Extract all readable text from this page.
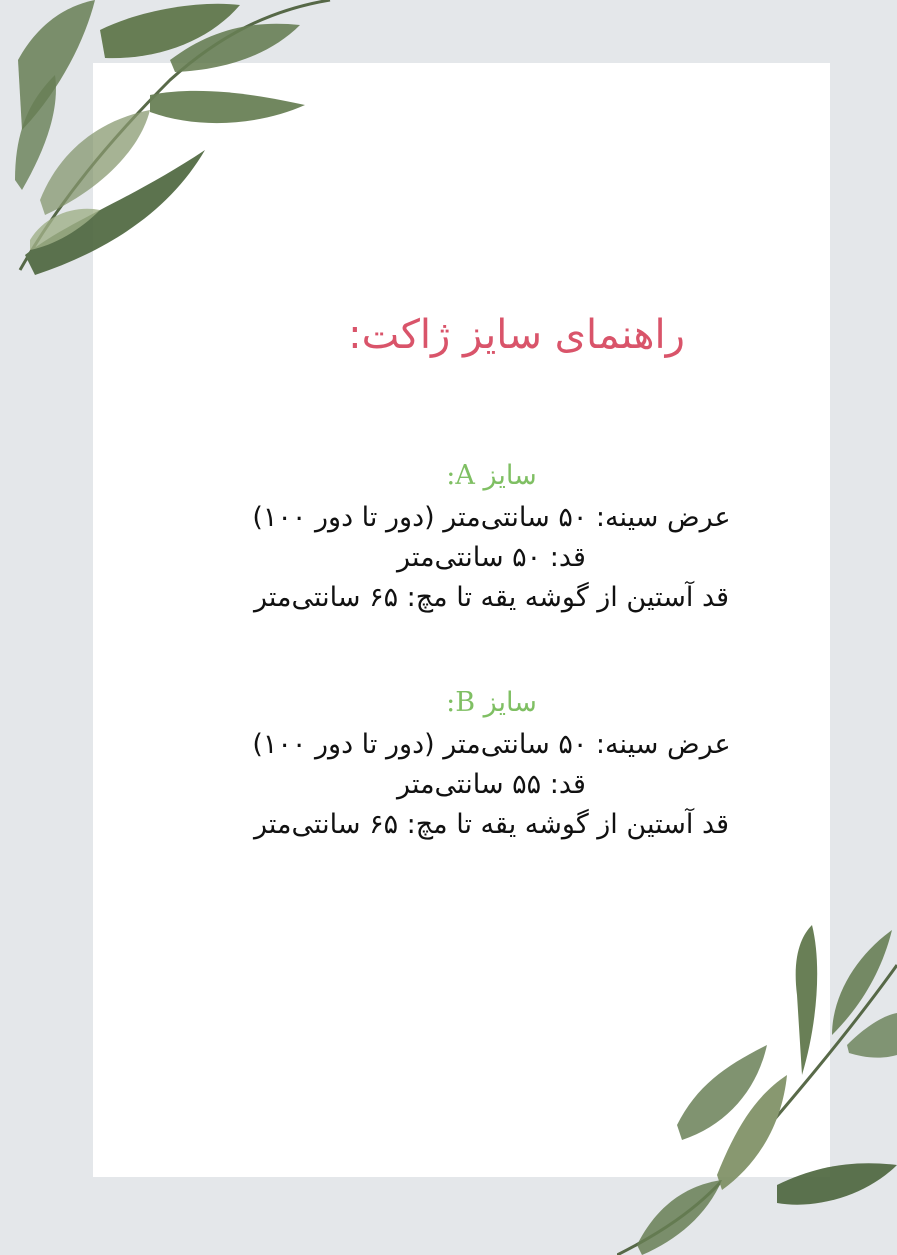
راهنمای سایز ژاکت:
سایز A:
عرض سینه: ۵۰ سانتی‌متر (دور تا دور ۱۰۰)
قد: ۵۰ سانتی‌متر
قد آستین از گوشه یقه تا مچ: ۶۵ سانتی‌متر
سایز B:
عرض سینه: ۵۰ سانتی‌متر (دور تا دور ۱۰۰)
قد: ۵۵ سانتی‌متر
قد آستین از گوشه یقه تا مچ: ۶۵ سانتی‌متر
